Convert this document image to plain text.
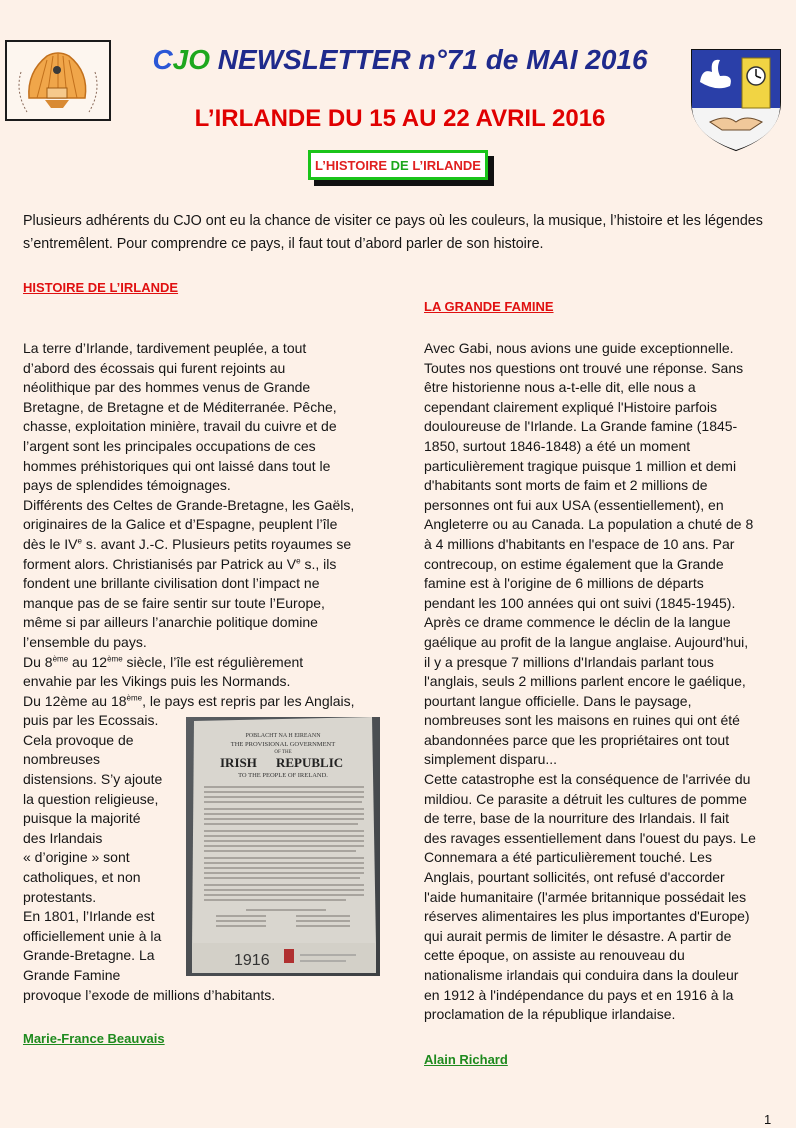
CJO NEWSLETTER n°71 de MAI 2016
L’IRLANDE DU 15 AU 22 AVRIL 2016
L’HISTOIRE DE L’IRLANDE
Plusieurs adhérents du CJO ont eu la chance de visiter ce pays où les couleurs, la musique, l’histoire et les légendes s’entremêlent. Pour comprendre ce pays, il faut tout d’abord parler de son histoire.
HISTOIRE DE L’IRLANDE
LA GRANDE FAMINE
La terre d’Irlande, tardivement peuplée, a tout
d’abord des écossais qui furent rejoints au
néolithique par des hommes venus de Grande
Bretagne, de Bretagne et de Méditerranée. Pêche,
chasse, exploitation minière, travail du cuivre et de
l’argent sont les principales occupations de ces
hommes préhistoriques qui ont laissé dans tout le
pays de splendides témoignages.
Différents des Celtes de Grande-Bretagne, les Gaëls,
originaires de la Galice et d’Espagne, peuplent l’île
dès le IVe s. avant J.-C. Plusieurs petits royaumes se
forment alors. Christianisés par Patrick au Ve s., ils
fondent une brillante civilisation dont l’impact ne
manque pas de se faire sentir sur toute l’Europe,
même si par ailleurs l’anarchie politique domine
l’ensemble du pays.
Du 8ème au 12ème siècle, l’île est régulièrement
envahie par les Vikings puis les Normands.
Du 12ème au 18ème, le pays est repris par les Anglais,
puis par les Ecossais.
Cela provoque de
nombreuses
distensions. S’y ajoute
la question religieuse,
puisque la majorité
des Irlandais
« d’origine » sont
catholiques, et non
protestants.
En 1801, l’Irlande est
officiellement unie à la
Grande-Bretagne. La
Grande Famine
provoque l’exode de millions d’habitants.
POBLACHT NA H EIREANN
THE PROVISIONAL GOVERNMENT
OF THE
IRISH REPUBLIC
TO THE PEOPLE OF IRELAND.
1916
Avec Gabi, nous avions une guide exceptionnelle.
Toutes nos questions ont trouvé une réponse. Sans
être historienne nous a-t-elle dit, elle nous a
cependant clairement expliqué l'Histoire parfois
douloureuse de l'Irlande. La Grande famine (1845-
1850, surtout 1846-1848) a été un moment
particulièrement tragique puisque 1 million et demi
d'habitants sont morts de faim et 2 millions de
personnes ont fui aux USA (essentiellement), en
Angleterre ou au Canada. La population a chuté de 8
à 4 millions d'habitants en l'espace de 10 ans. Par
contrecoup, on estime également que la Grande
famine est à l'origine de 6 millions de départs
pendant les 100 années qui ont suivi (1845-1945).
Après ce drame commence le déclin de la langue
gaélique au profit de la langue anglaise. Aujourd'hui,
il y a presque 7 millions d'Irlandais parlant tous
l'anglais, seuls 2 millions parlent encore le gaélique,
pourtant langue officielle. Dans le paysage,
nombreuses sont les maisons en ruines qui ont été
abandonnées parce que les propriétaires ont tout
simplement disparu...
Cette catastrophe est la conséquence de l'arrivée du
mildiou. Ce parasite a détruit les cultures de pomme
de terre, base de la nourriture des Irlandais. Il fait
des ravages essentiellement dans l'ouest du pays. Le
Connemara a été particulièrement touché. Les
Anglais, pourtant sollicités, ont refusé d'accorder
l'aide humanitaire (l'armée britannique possédait les
réserves alimentaires les plus importantes d'Europe)
qui aurait permis de limiter le désastre. A partir de
cette époque, on assiste au renouveau du
nationalisme irlandais qui conduira dans la douleur
en 1912 à l'indépendance du pays et en 1916 à la
proclamation de la république irlandaise.
Marie-France Beauvais
Alain Richard
1
